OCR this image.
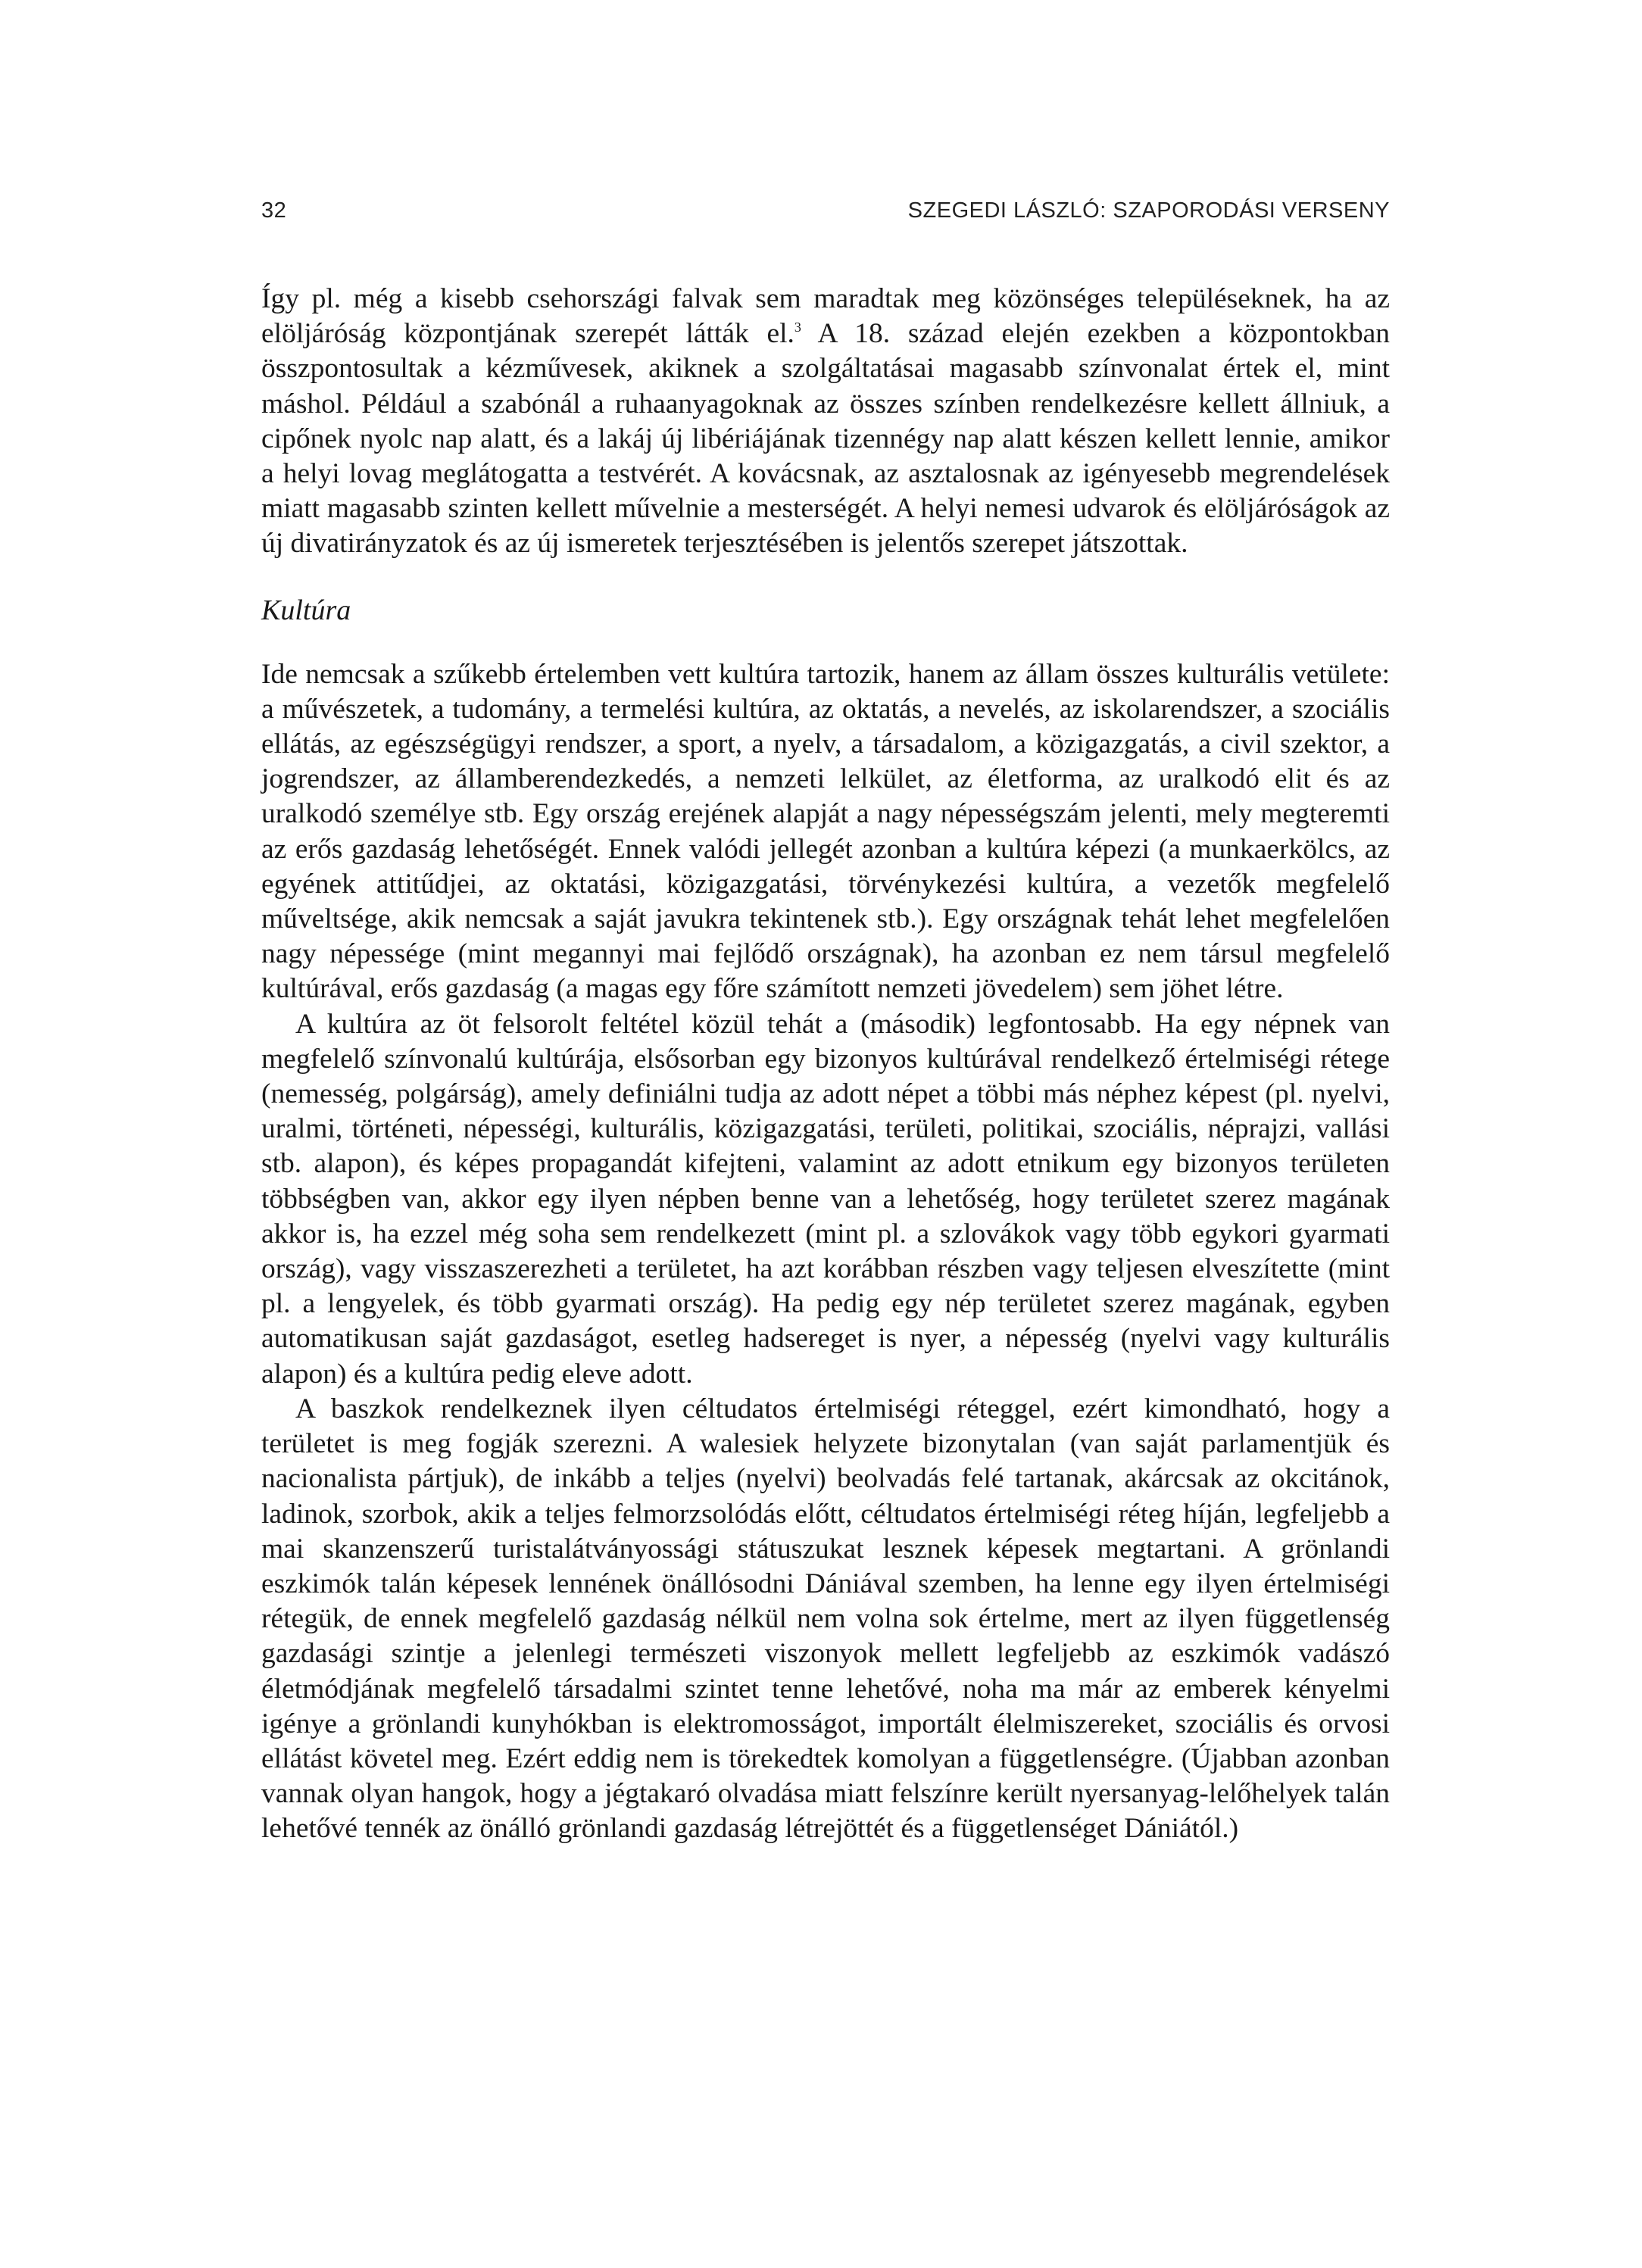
32	SZEGEDI LÁSZLÓ: SZAPORODÁSI VERSENY

Így pl. még a kisebb csehországi falvak sem maradtak meg közönséges településeknek, ha az elöljáróság központjának szerepét látták el.$^3$ A 18. század elején ezekben a központokban összpontosultak a kézművesek, akiknek a szolgáltatásai magasabb színvonalat értek el, mint máshol. Például a szabónál a ruhaanyagoknak az összes színben rendelkezésre kellett állniuk, a cipőnek nyolc nap alatt, és a lakáj új libériájának tizennégy nap alatt készen kellett lennie, amikor a helyi lovag meglátogatta a testvérét. A kovácsnak, az asztalosnak az igényesebb megrendelések miatt magasabb szinten kellett művelnie a mesterségét. A helyi nemesi udvarok és elöljáróságok az új divatirányzatok és az új ismeretek terjesztésében is jelentős szerepet játszottak.

Kultúra

Ide nemcsak a szűkebb értelemben vett kultúra tartozik, hanem az állam összes kulturális vetülete: a művészetek, a tudomány, a termelési kultúra, az oktatás, a nevelés, az iskolarendszer, a szociális ellátás, az egészségügyi rendszer, a sport, a nyelv, a társadalom, a közigazgatás, a civil szektor, a jogrendszer, az államberendezkedés, a nemzeti lelkület, az életforma, az uralkodó elit és az uralkodó személye stb. Egy ország erejének alapját a nagy népességszám jelenti, mely megteremti az erős gazdaság lehetőségét. Ennek valódi jellegét azonban a kultúra képezi (a munkaerkölcs, az egyének attitűdjei, az oktatási, közigazgatási, törvénykezési kultúra, a vezetők megfelelő műveltsége, akik nemcsak a saját javukra tekintenek stb.). Egy országnak tehát lehet megfelelően nagy népessége (mint megannyi mai fejlődő országnak), ha azonban ez nem társul megfelelő kultúrával, erős gazdaság (a magas egy főre számított nemzeti jövedelem) sem jöhet létre.

A kultúra az öt felsorolt feltétel közül tehát a (második) legfontosabb. Ha egy népnek van megfelelő színvonalú kultúrája, elsősorban egy bizonyos kultúrával rendelkező értelmiségi rétege (nemesség, polgárság), amely definiálni tudja az adott népet a többi más néphez képest (pl. nyelvi, uralmi, történeti, népességi, kulturális, közigazgatási, területi, politikai, szociális, néprajzi, vallási stb. alapon), és képes propagandát kifejteni, valamint az adott etnikum egy bizonyos területen többségben van, akkor egy ilyen népben benne van a lehetőség, hogy területet szerez magának akkor is, ha ezzel még soha sem rendelkezett (mint pl. a szlovákok vagy több egykori gyarmati ország), vagy visszaszerezheti a területet, ha azt korábban részben vagy teljesen elveszítette (mint pl. a lengyelek, és több gyarmati ország). Ha pedig egy nép területet szerez magának, egyben automatikusan saját gazdaságot, esetleg hadsereget is nyer, a népesség (nyelvi vagy kulturális alapon) és a kultúra pedig eleve adott.

A baszkok rendelkeznek ilyen céltudatos értelmiségi réteggel, ezért kimondható, hogy a területet is meg fogják szerezni. A walesiek helyzete bizonytalan (van saját parlamentjük és nacionalista pártjuk), de inkább a teljes (nyelvi) beolvadás felé tartanak, akárcsak az okcitánok, ladinok, szorbok, akik a teljes felmorzsolódás előtt, céltudatos értelmiségi réteg híján, legfeljebb a mai skanzenszerű turistalátványossági státuszukat lesznek képesek megtartani. A grönlandi eszkimók talán képesek lennének önállósodni Dániával szemben, ha lenne egy ilyen értelmiségi rétegük, de ennek megfelelő gazdaság nélkül nem volna sok értelme, mert az ilyen függetlenség gazdasági szintje a jelenlegi természeti viszonyok mellett legfeljebb az eszkimók vadászó életmódjának megfelelő társadalmi szintet tenne lehetővé, noha ma már az emberek kényelmi igénye a grönlandi kunyhókban is elektromosságot, importált élelmiszereket, szociális és orvosi ellátást követel meg. Ezért eddig nem is törekedtek komolyan a függetlenségre. (Újabban azonban vannak olyan hangok, hogy a jégtakaró olvadása miatt felszínre került nyersanyag-lelőhelyek talán lehetővé tennék az önálló grönlandi gazdaság létrejöttét és a függetlenséget Dániától.)
